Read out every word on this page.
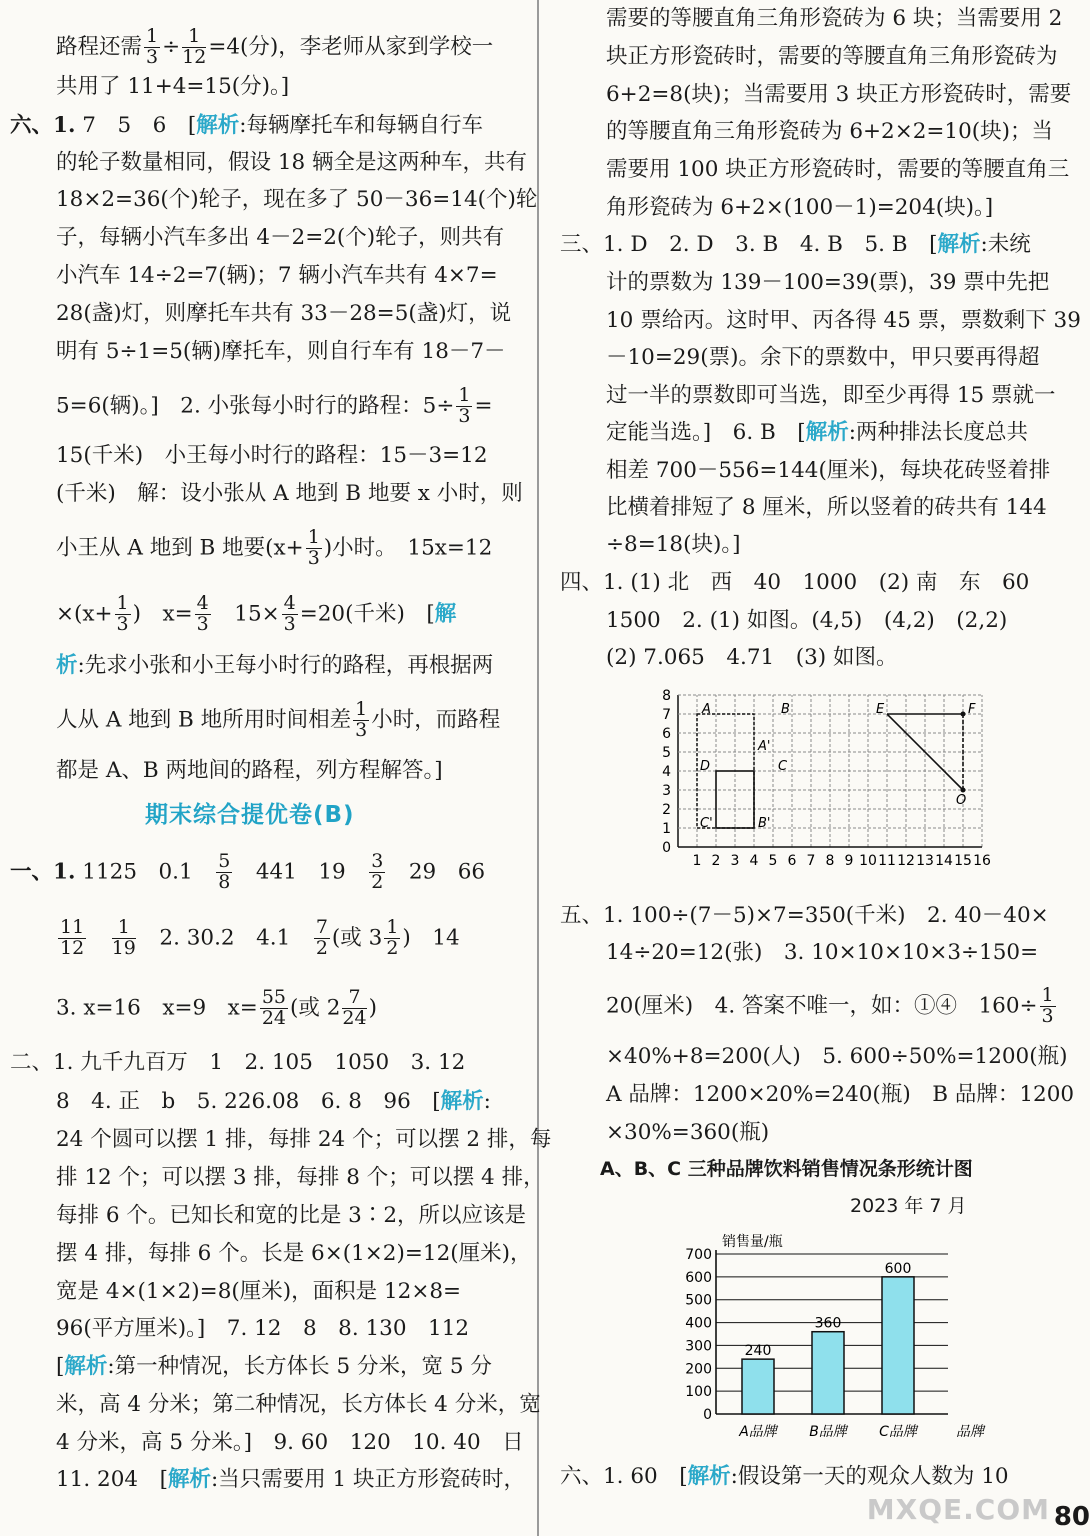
路程还需 $\frac{1}{3} \div \frac{1}{12} =4$(分)，李老师从家到学校一
共用了 11+4=15(分)。]
六、1. 7　5　6　[解析:每辆摩托车和每辆自行车
的轮子数量相同，假设 18 辆全是这两种车，共有
18×2=36(个)轮子，现在多了 50－36=14(个)轮
子，每辆小汽车多出 4－2=2(个)轮子，则共有
小汽车 14÷2=7(辆)；7 辆小汽车共有 4×7=
28(盏)灯，则摩托车共有 33－28=5(盏)灯，说
明有 5÷1=5(辆)摩托车，则自行车有 18－7－
5=6(辆)。]　2. 小张每小时行的路程：$5\div \frac{1}{3}$ =
15(千米)　小王每小时行的路程：15－3=12
(千米)　解：设小张从 A 地到 B 地要 x 小时，则
小王从 A 地到 B 地要($x+ \frac{1}{3}$ )小时。　15x=12
$\times(x+ \frac{1}{3}$ )　$x= \frac{4}{3}$ 　$15\times \frac{4}{3} =20$(千米)　[解
析:先求小张和小王每小时行的路程，再根据两
人从 A 地到 B 地所用时间相差 $\frac{1}{3}$ 小时，而路程
都是 A、B 两地间的路程，列方程解答。]
期末综合提优卷(B)
一、1. 1125　0.1　 $\frac{5}{8}$
　 441　19　 $\frac{3}{2}$
　 29　66
$\frac{11}{12}$
　 $\frac{1}{19}$ 　2. 30.2　4.1　 $\frac{7}{2}$ (或 $3 \frac{1}{2}$ )　14
3. x=16　x=9　$x= \frac{55}{24}$ (或 $2 \frac{7}{24}$ )
二、1. 九千九百万　1　2. 105　1050　3. 12
8　4. 正　b　5. 226.08　6. 8　96　[解析:
24 个圆可以摆 1 排，每排 24 个；可以摆 2 排，每
排 12 个；可以摆 3 排，每排 8 个；可以摆 4 排，
每排 6 个。已知长和宽的比是 3∶2，所以应该是
摆 4 排，每排 6 个。长是 6×(1×2)=12(厘米)，
宽是 4×(1×2)=8(厘米)，面积是 12×8=
96(平方厘米)。]　7. 12　8　8. 130　112
[解析:第一种情况，长方体长 5 分米，宽 5 分
米，高 4 分米；第二种情况，长方体长 4 分米，宽
4 分米，高 5 分米。]　9. 60　120　10. 40　日
11. 204　[解析:当只需要用 1 块正方形瓷砖时，
需要的等腰直角三角形瓷砖为 6 块；当需要用 2
块正方形瓷砖时，需要的等腰直角三角形瓷砖为
6+2=8(块)；当需要用 3 块正方形瓷砖时，需要
的等腰直角三角形瓷砖为 6+2×2=10(块)；当
需要用 100 块正方形瓷砖时，需要的等腰直角三
角形瓷砖为 6+2×(100－1)=204(块)。]
三、1. D　2. D　3. B　4. B　5. B　[解析:未统
计的票数为 139－100=39(票)，39 票中先把
10 票给丙。这时甲、丙各得 45 票，票数剩下 39
－10=29(票)。余下的票数中，甲只要再得超
过一半的票数即可当选，即至少再得 15 票就一
定能当选。]　6. B　[解析:两种排法长度总共
相差 700－556=144(厘米)，每块花砖竖着排
比横着排短了 8 厘米，所以竖着的砖共有 144
÷8=18(块)。]
四、1. (1) 北　西　40　1000　(2) 南　东　60
1500　2. (1) 如图。(4,5)　(4,2)　(2,2)
(2) 7.065　4.71　(3) 如图。
五、1. 100÷(7－5)×7=350(千米)　2. 40－40×
14÷20=12(张)　3. 10×10×10×3÷150=
20(厘米)　4. 答案不唯一，如：①④　$160\div \frac{1}{3}$
×40%+8=200(人)　5. 600÷50%=1200(瓶)
A 品牌：1200×20%=240(瓶)　B 品牌：1200
×30%=360(瓶)
A、B、C 三种品牌饮料销售情况条形统计图
2023 年 7 月
六、1. 60　[解析:假设第一天的观众人数为 10
1 2 3 4 5 6 7 8 9 10 11 12 13 14 15 16
0
1
2
3
4
5
6
7
8
A	B
A'
C
D
C'	B'
E	F
O
销售量/瓶
0
100
200
300
400
500
600
700
240
360
600
A品牌 B品牌 C品牌	品牌
MXQE.COM 80
